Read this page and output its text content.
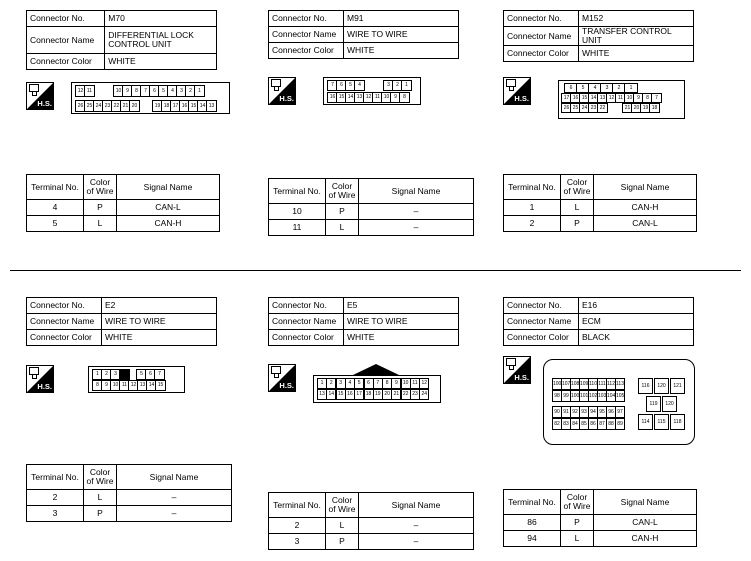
Connector No.	M70
Connector Name	DIFFERENTIAL LOCK CONTROL UNIT
Connector Color	WHITE
H.S.
12 11	10 9	8	7	6	5	4	3	2	1
26 25 24 23 22 21 20	19 18 17 16 15 14 13
Terminal No.	Color of Wire	Signal Name
4	P	CAN-L
5	L	CAN-H
Connector No.	M91
Connector Name	WIRE TO WIRE
Connector Color	WHITE
H.S.
7	6	5	4	3	2	1
16 15 14 13 12 11 10 9	8
Terminal No.	Color of Wire	Signal Name
10	P	–
11	L	–
Connector No.	M152
Connector Name	TRANSFER CONTROL UNIT
Connector Color	WHITE
H.S.
6	5	4	3	2	1
17 16 15 14 13 12 11 10 9	8	7
26 25 24 23 22	21 20 19 18
Terminal No.	Color of Wire	Signal Name
1	L	CAN-H
2	P	CAN-L
Connector No.	E2
Connector Name	WIRE TO WIRE
Connector Color	WHITE
H.S.
1	2	3	4	5	6	7
8	9 10 11 12 13 14 15
Terminal No.	Color of Wire	Signal Name
2	L	–
3	P	–
Connector No.	E5
Connector Name	WIRE TO WIRE
Connector Color	WHITE
H.S.	1	2	3	4	5	6	7	8	9	10 11 12
13 14 15 16 17 18 19 20 21 22 23 24
Terminal No.	Color of Wire	Signal Name
2	L	–
3	P	–
Connector No.	E16
Connector Name	ECM
Connector Color	BLACK
H.S.
100 107 108 109 110 111 112 113
98 99 100 101 102 103 104 105
90 91 92 93 94 95 96 97
82 83 84 85 86 87 88 89
116	120	121
119	120
114	115	118
Terminal No.	Color of Wire	Signal Name
86	P	CAN-L
94	L	CAN-H
